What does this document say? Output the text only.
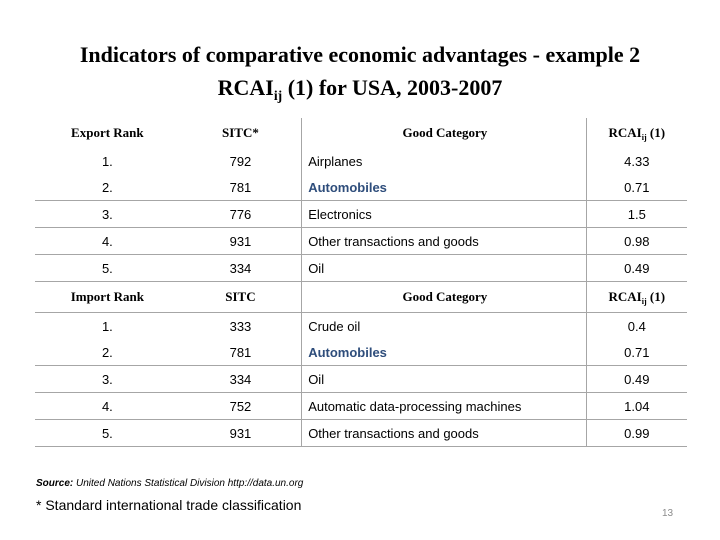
Indicators of comparative economic advantages - example 2
$RCAI_{ij}$ (1) for USA, 2003-2007
Export Rank	SITC*	Good Category	$RCAI_{ij}$ (1)
1.	792	Airplanes	4.33
2.	781	Automobiles	0.71
3.	776	Electronics	1.5
4.	931	Other transactions and goods	0.98
5.	334	Oil	0.49
Import Rank	SITC	Good Category	$RCAI_{ij}$ (1)
1.	333	Crude oil	0.4
2.	781	Automobiles	0.71
3.	334	Oil	0.49
4.	752	Automatic data-processing machines	1.04
5.	931	Other transactions and goods	0.99
Source: United Nations Statistical Division http://data.un.org
* Standard international trade classification
13
